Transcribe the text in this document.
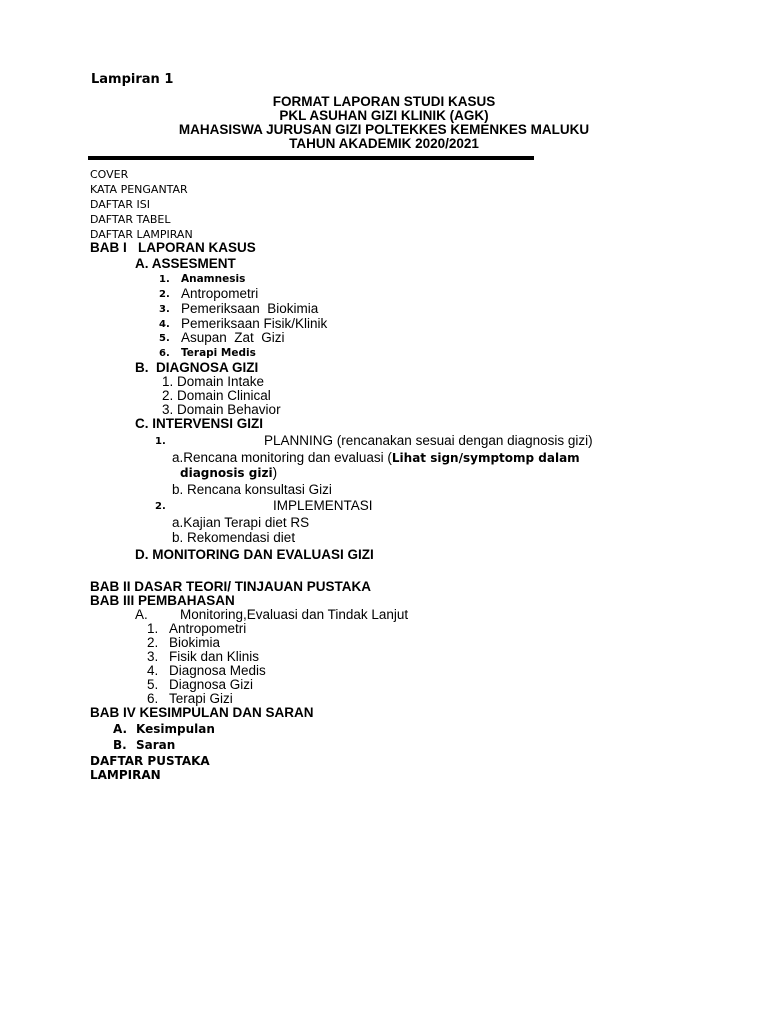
Lampiran 1
FORMAT LAPORAN STUDI KASUS
PKL ASUHAN GIZI KLINIK (AGK)
MAHASISWA JURUSAN GIZI POLTEKKES KEMENKES MALUKU
TAHUN AKADEMIK 2020/2021
COVER
KATA PENGANTAR
DAFTAR ISI
DAFTAR TABEL
DAFTAR LAMPIRAN
BAB I   LAPORAN KASUS
A. ASSESMENT
1. Anamnesis
2. Antropometri
3. Pemeriksaan  Biokimia
4. Pemeriksaan Fisik/Klinik
5. Asupan  Zat  Gizi
6. Terapi Medis
B.  DIAGNOSA GIZI
1. Domain Intake
2. Domain Clinical
3. Domain Behavior
C. INTERVENSI GIZI
1.	PLANNING (rencanakan sesuai dengan diagnosis gizi)
a.Rencana monitoring dan evaluasi (Lihat sign/symptomp dalam
diagnosis gizi)
b. Rencana konsultasi Gizi
2.	IMPLEMENTASI
a.Kajian Terapi diet RS
b. Rekomendasi diet
D. MONITORING DAN EVALUASI GIZI
BAB II DASAR TEORI/ TINJAUAN PUSTAKA
BAB III PEMBAHASAN
A. Monitoring,Evaluasi dan Tindak Lanjut
1. Antropometri
2. Biokimia
3. Fisik dan Klinis
4. Diagnosa Medis
5. Diagnosa Gizi
6. Terapi Gizi
BAB IV KESIMPULAN DAN SARAN
A. Kesimpulan
B. Saran
DAFTAR PUSTAKA
LAMPIRAN
